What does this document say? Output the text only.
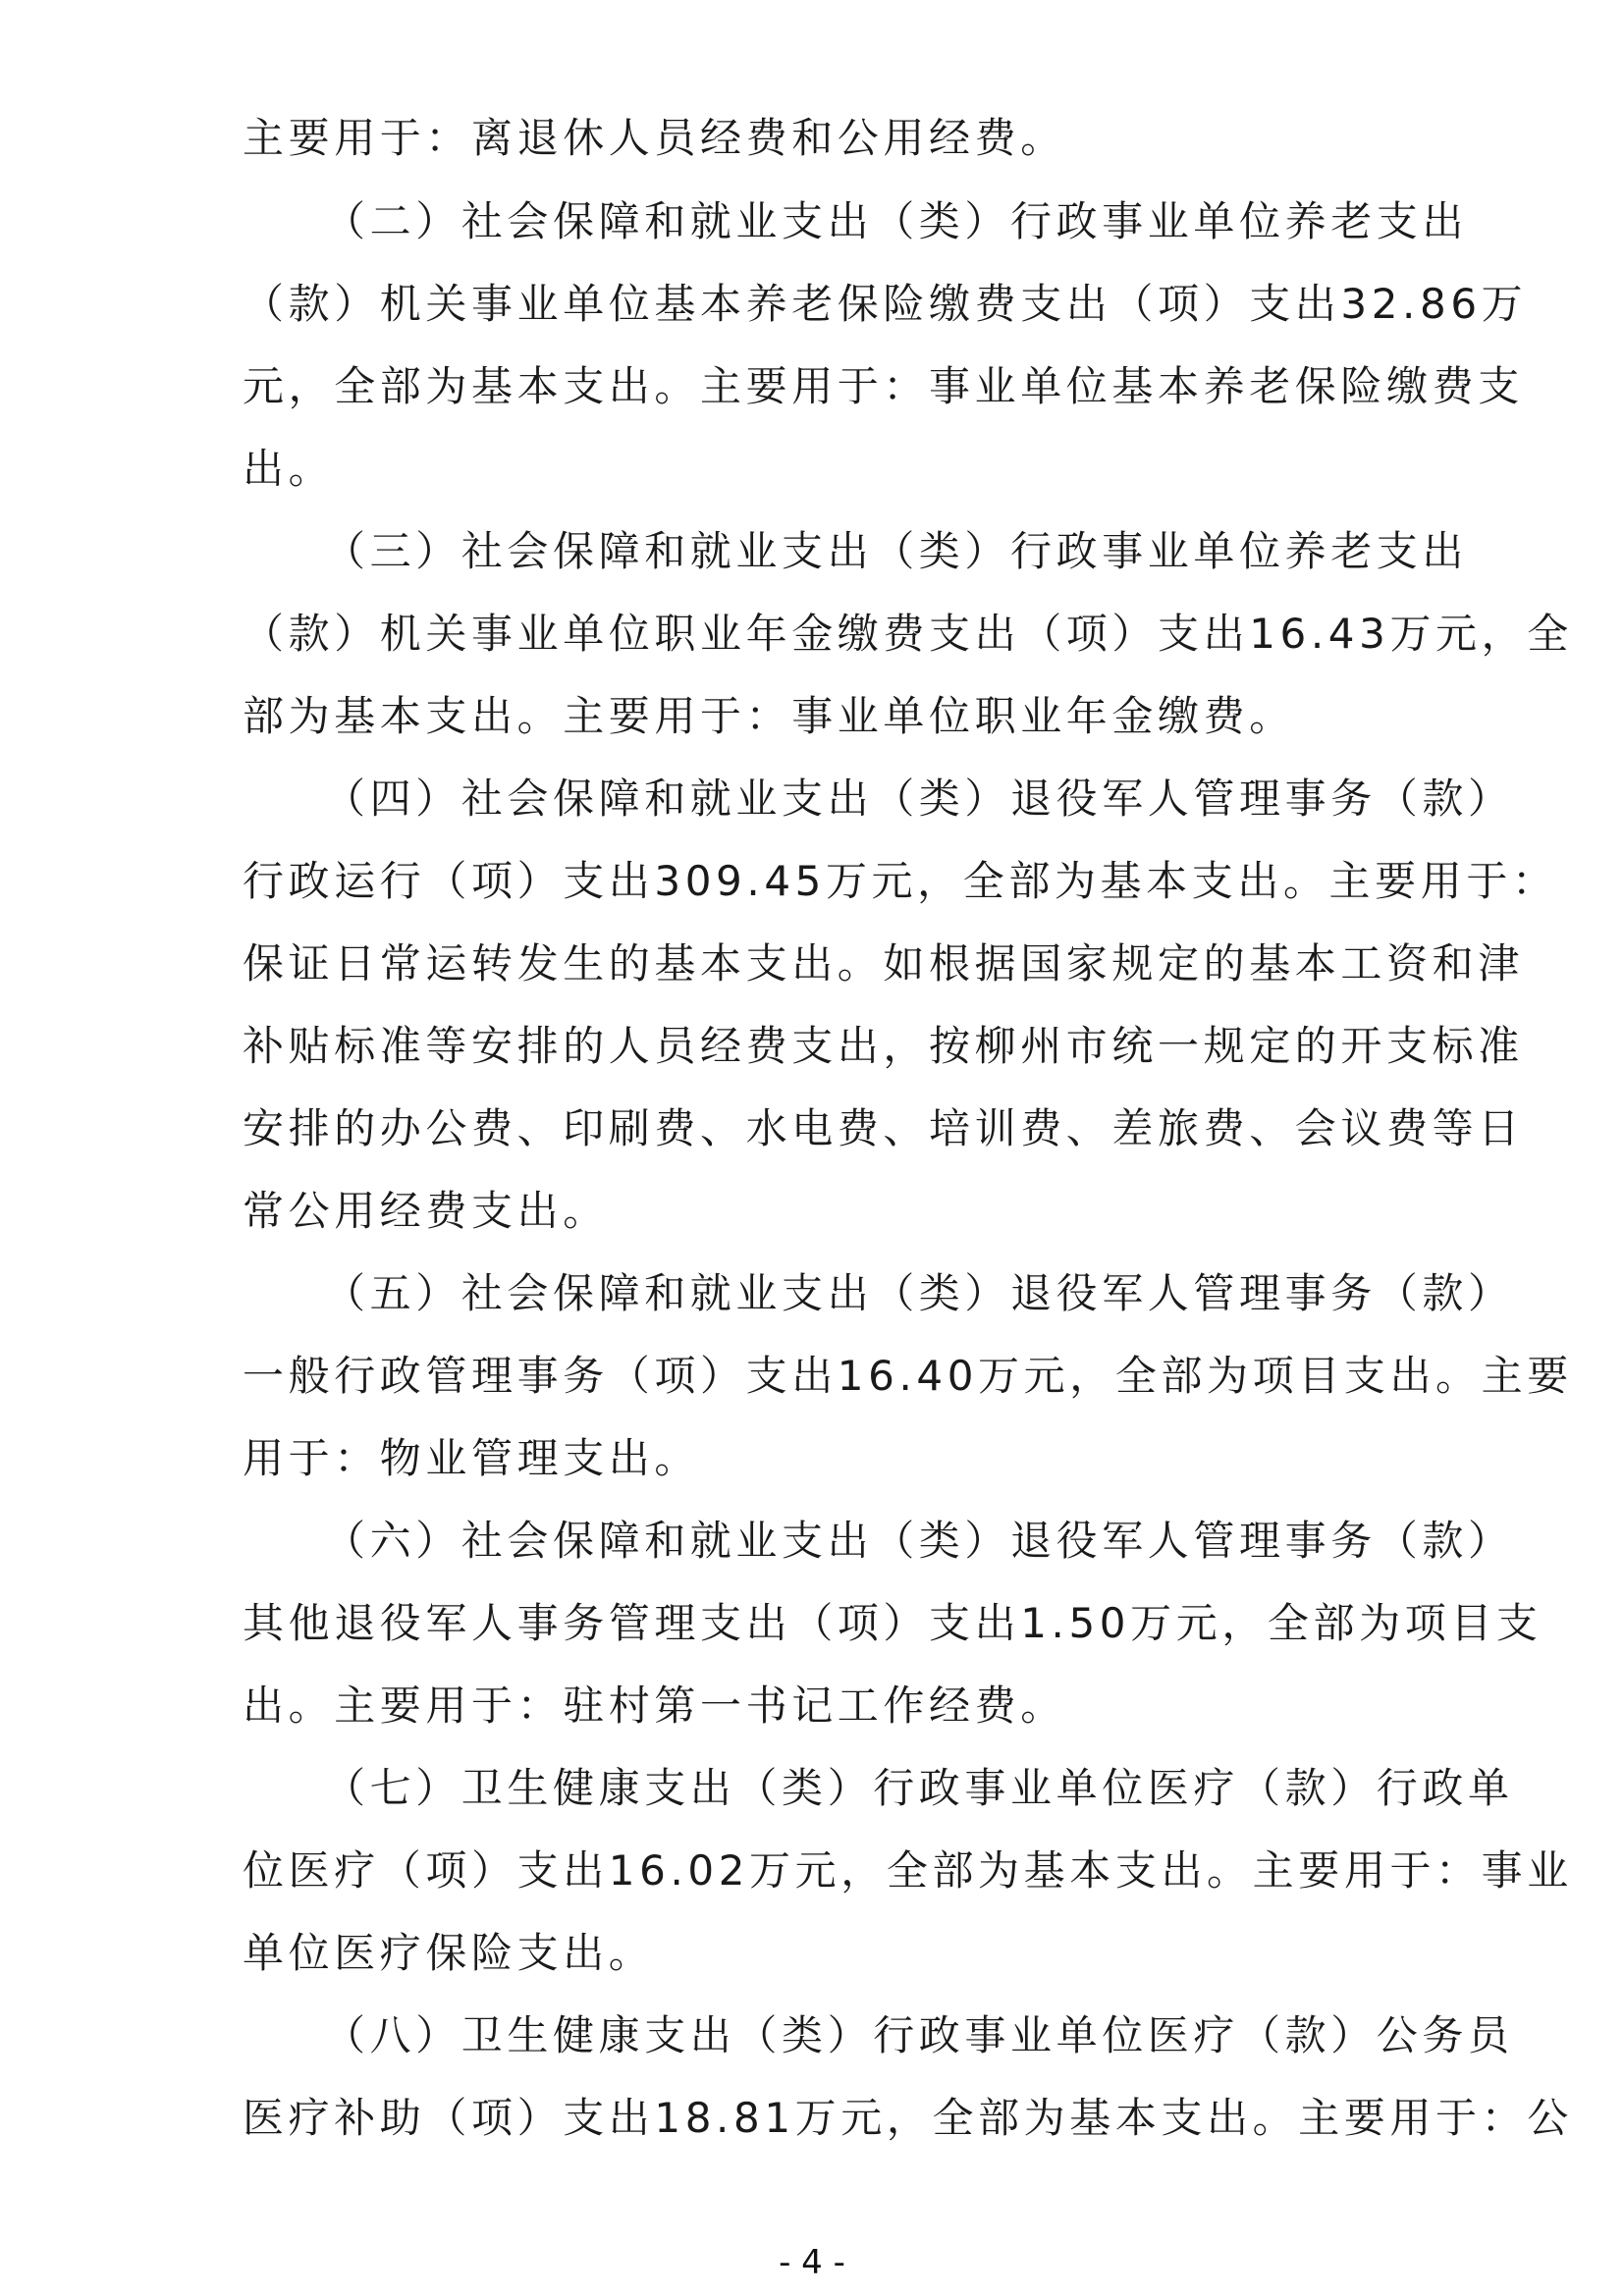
主要用于：离退休人员经费和公用经费。
（二）社会保障和就业支出（类）行政事业单位养老支出
（款）机关事业单位基本养老保险缴费支出（项）支出32.86万
元，全部为基本支出。主要用于：事业单位基本养老保险缴费支
出。
（三）社会保障和就业支出（类）行政事业单位养老支出
（款）机关事业单位职业年金缴费支出（项）支出16.43万元，全
部为基本支出。主要用于：事业单位职业年金缴费。
（四）社会保障和就业支出（类）退役军人管理事务（款）
行政运行（项）支出309.45万元，全部为基本支出。主要用于：
保证日常运转发生的基本支出。如根据国家规定的基本工资和津
补贴标准等安排的人员经费支出，按柳州市统一规定的开支标准
安排的办公费、印刷费、水电费、培训费、差旅费、会议费等日
常公用经费支出。
（五）社会保障和就业支出（类）退役军人管理事务（款）
一般行政管理事务（项）支出16.40万元，全部为项目支出。主要
用于：物业管理支出。
（六）社会保障和就业支出（类）退役军人管理事务（款）
其他退役军人事务管理支出（项）支出1.50万元，全部为项目支
出。主要用于：驻村第一书记工作经费。
（七）卫生健康支出（类）行政事业单位医疗（款）行政单
位医疗（项）支出16.02万元，全部为基本支出。主要用于：事业
单位医疗保险支出。
（八）卫生健康支出（类）行政事业单位医疗（款）公务员
医疗补助（项）支出18.81万元，全部为基本支出。主要用于：公
- 4 -
